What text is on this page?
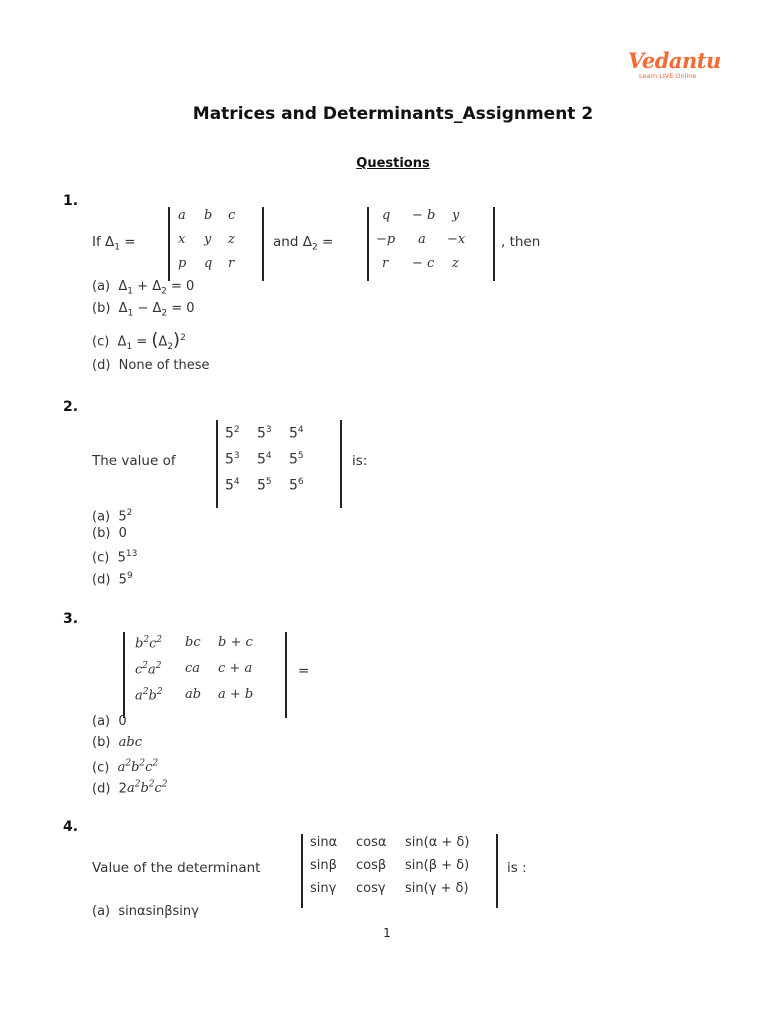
Vedantu
Learn LIVE Online
Matrices and Determinants_Assignment 2
Questions
1.
If $\Delta_1$ =
a b c
x y z
p q r
and $\Delta_2$ =
q − b y
−p a −x
r − c z
, then
(a)  $\Delta_1 + \Delta_2 = 0$
(b)  $\Delta_1 - \Delta_2 = 0$
(c)  $\Delta_1 = (\Delta_2)^2$
(d) None of these
2.
The value of
$5^2$ $5^3$ $5^4$
$5^3$ $5^4$ $5^5$
$5^4$ $5^5$ $5^6$
is:
(a) $5^2$
(b) 0
(c) $5^{13}$
(d) $5^9$
3.
$b^2c^2$ bc b + c
$c^2a^2$ ca c + a
$a^2b^2$ ab a + b
=
(a) 0
(b) abc
(c) $a^2b^2c^2$
(d)  $2a^2b^2c^2$
4.
Value of the determinant
sinα cosα sin(α + δ)
sinβ cosβ sin(β + δ)
sinγ cosγ sin(γ + δ)
is :
(a) sinαsinβsinγ
1
